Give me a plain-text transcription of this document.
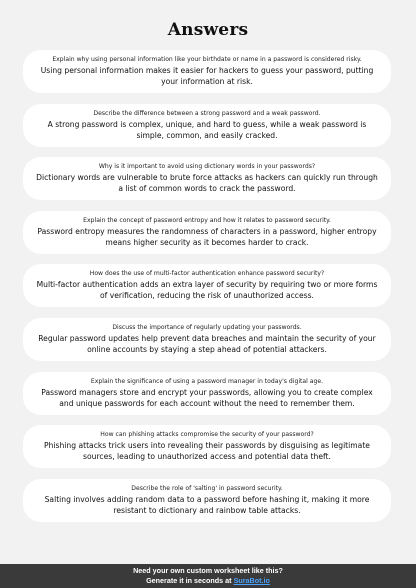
Answers
Explain why using personal information like your birthdate or name in a password is considered risky.
Using personal information makes it easier for hackers to guess your password, putting your information at risk.
Describe the difference between a strong password and a weak password.
A strong password is complex, unique, and hard to guess, while a weak password is simple, common, and easily cracked.
Why is it important to avoid using dictionary words in your passwords?
Dictionary words are vulnerable to brute force attacks as hackers can quickly run through a list of common words to crack the password.
Explain the concept of password entropy and how it relates to password security.
Password entropy measures the randomness of characters in a password, higher entropy means higher security as it becomes harder to crack.
How does the use of multi-factor authentication enhance password security?
Multi-factor authentication adds an extra layer of security by requiring two or more forms of verification, reducing the risk of unauthorized access.
Discuss the importance of regularly updating your passwords.
Regular password updates help prevent data breaches and maintain the security of your online accounts by staying a step ahead of potential attackers.
Explain the significance of using a password manager in today's digital age.
Password managers store and encrypt your passwords, allowing you to create complex and unique passwords for each account without the need to remember them.
How can phishing attacks compromise the security of your password?
Phishing attacks trick users into revealing their passwords by disguising as legitimate sources, leading to unauthorized access and potential data theft.
Describe the role of 'salting' in password security.
Salting involves adding random data to a password before hashing it, making it more resistant to dictionary and rainbow table attacks.
Need your own custom worksheet like this?
Generate it in seconds at SuraBot.io
